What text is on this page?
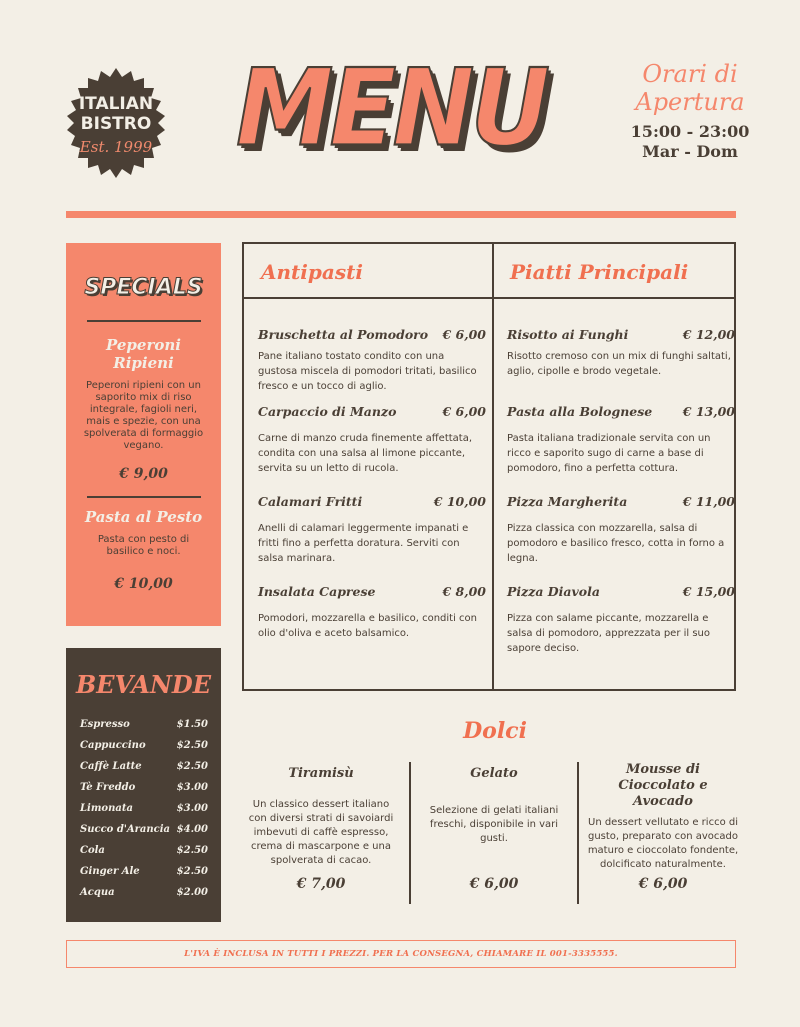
ITALIAN
BISTRO
Est. 1999 MENU	Orari di
Apertura
15:00 - 23:00
Mar - Dom
SPECIALS
Peperoni Ripieni
Peperoni ripieni con un saporito mix di riso integrale, fagioli neri, mais e spezie, con una spolverata di formaggio vegano.
€ 9,00
Pasta al Pesto
Pasta con pesto di basilico e noci.
€ 10,00
BEVANDE
Espresso	$1.50
Cappuccino	$2.50
Caffè Latte	$2.50
Tè Freddo	$3.00
Limonata	$3.00
Succo d'Arancia $4.00
Cola	$2.50
Ginger Ale	$2.50
Acqua	$2.00
Antipasti	Piatti Principali
Bruschetta al Pomodoro € 6,00
Pane italiano tostato condito con una gustosa miscela di pomodori tritati, basilico fresco e un tocco di aglio.
Carpaccio di Manzo	€ 6,00
Carne di manzo cruda finemente affettata, condita con una salsa al limone piccante, servita su un letto di rucola.
Calamari Fritti	€ 10,00
Anelli di calamari leggermente impanati e fritti fino a perfetta doratura. Serviti con salsa marinara.
Insalata Caprese	€ 8,00
Pomodori, mozzarella e basilico, conditi con olio d'oliva e aceto balsamico.
Risotto ai Funghi	€ 12,00
Risotto cremoso con un mix di funghi saltati, aglio, cipolle e brodo vegetale.
Pasta alla Bolognese € 13,00
Pasta italiana tradizionale servita con un ricco e saporito sugo di carne a base di pomodoro, fino a perfetta cottura.
Pizza Margherita	€ 11,00
Pizza classica con mozzarella, salsa di pomodoro e basilico fresco, cotta in forno a legna.
Pizza Diavola	€ 15,00
Pizza con salame piccante, mozzarella e salsa di pomodoro, apprezzata per il suo sapore deciso.
Dolci
Tiramisù
Un classico dessert italiano con diversi strati di savoiardi imbevuti di caffè espresso, crema di mascarpone e una spolverata di cacao.
€ 7,00
Gelato
Selezione di gelati italiani freschi, disponibile in vari gusti.
€ 6,00
Mousse di Cioccolato e Avocado
Un dessert vellutato e ricco di gusto, preparato con avocado maturo e cioccolato fondente, dolcificato naturalmente.
€ 6,00
L'IVA È INCLUSA IN TUTTI I PREZZI. PER LA CONSEGNA, CHIAMARE IL 001-3335555.
